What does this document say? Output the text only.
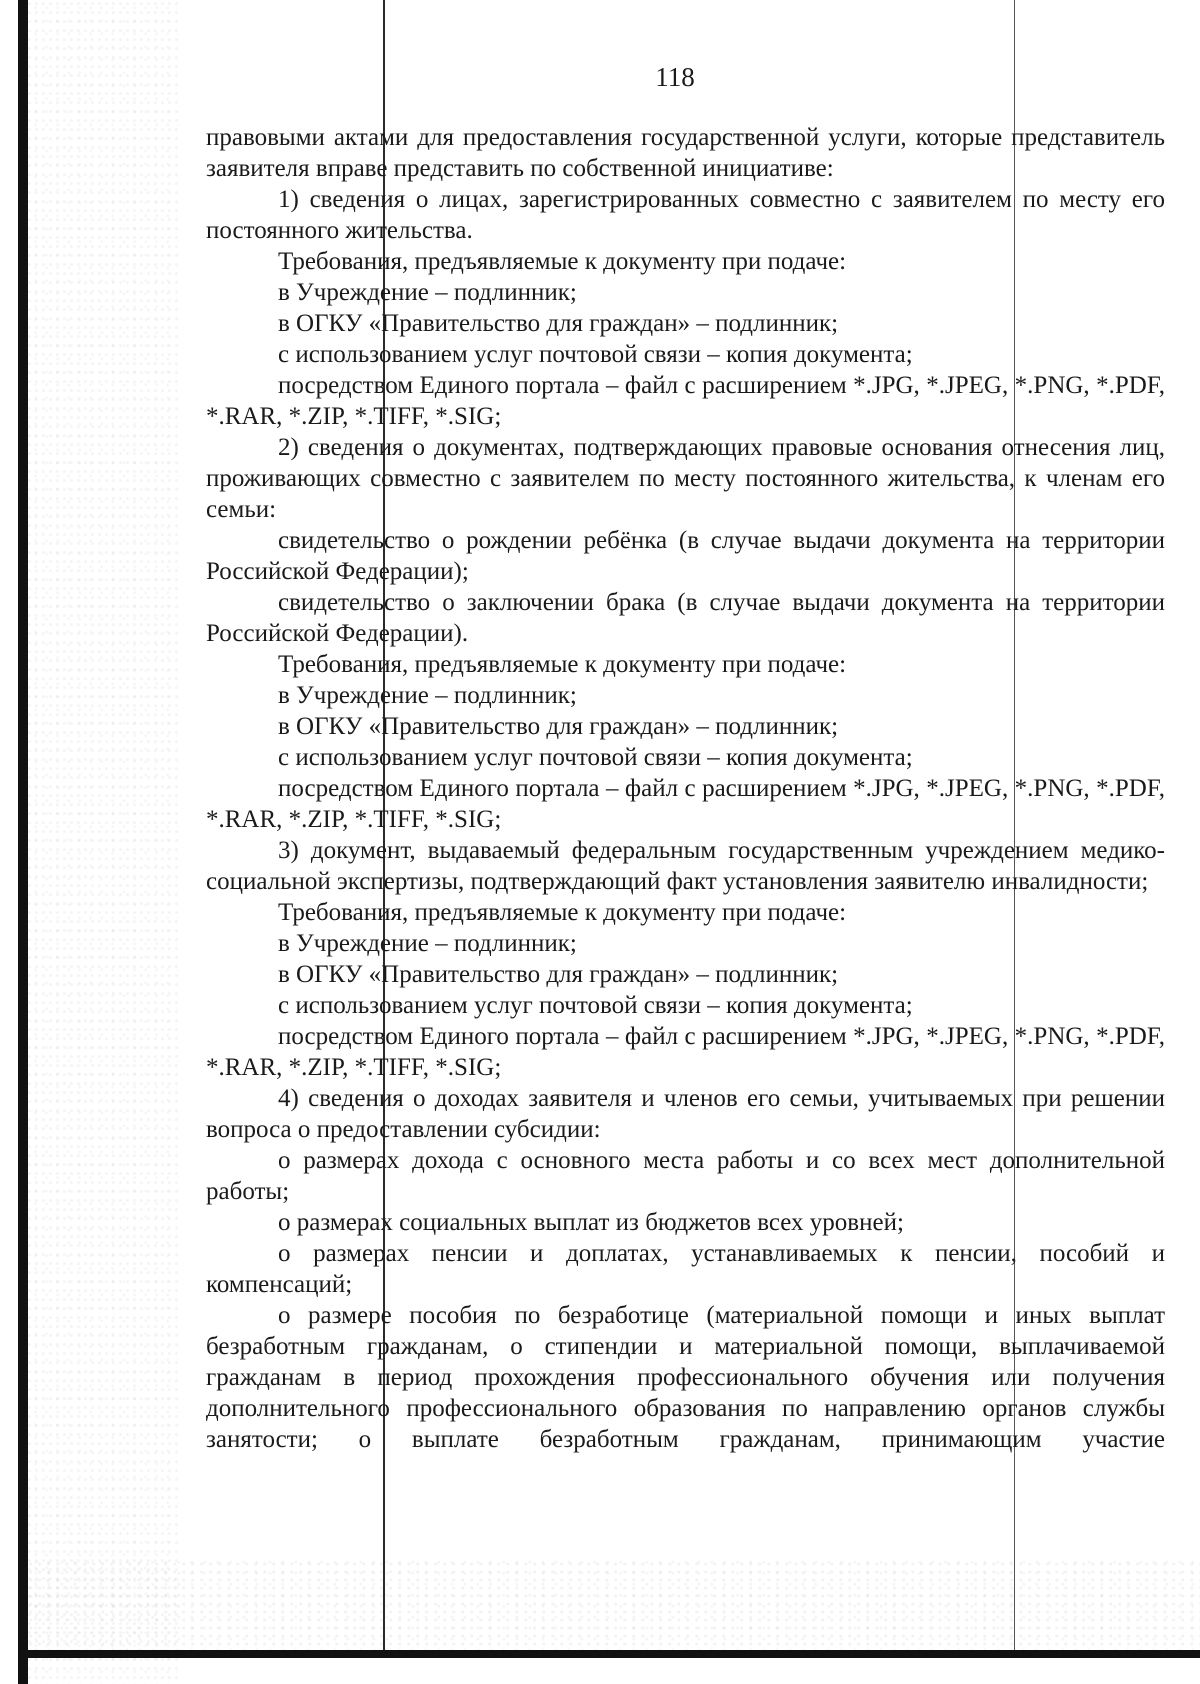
118

правовыми актами для предоставления государственной услуги, которые представитель заявителя вправе представить по собственной инициативе:

1) сведения о лицах, зарегистрированных совместно с заявителем по месту его постоянного жительства.

Требования, предъявляемые к документу при подаче:

в Учреждение – подлинник;

в ОГКУ «Правительство для граждан» – подлинник;

с использованием услуг почтовой связи – копия документа;

посредством Единого портала – файл с расширением *.JPG, *.JPEG, *.PNG, *.PDF, *.RAR, *.ZIP, *.TIFF, *.SIG;

2) сведения о документах, подтверждающих правовые основания отнесения лиц, проживающих совместно с заявителем по месту постоянного жительства, к членам его семьи:

свидетельство о рождении ребёнка (в случае выдачи документа на территории Российской Федерации);

свидетельство о заключении брака (в случае выдачи документа на территории Российской Федерации).

Требования, предъявляемые к документу при подаче:

в Учреждение – подлинник;

в ОГКУ «Правительство для граждан» – подлинник;

с использованием услуг почтовой связи – копия документа;

посредством Единого портала – файл с расширением *.JPG, *.JPEG, *.PNG, *.PDF, *.RAR, *.ZIP, *.TIFF, *.SIG;

3) документ, выдаваемый федеральным государственным учреждением медико-социальной экспертизы, подтверждающий факт установления заявителю инвалидности;

Требования, предъявляемые к документу при подаче:

в Учреждение – подлинник;

в ОГКУ «Правительство для граждан» – подлинник;

с использованием услуг почтовой связи – копия документа;

посредством Единого портала – файл с расширением *.JPG, *.JPEG, *.PNG, *.PDF, *.RAR, *.ZIP, *.TIFF, *.SIG;

4) сведения о доходах заявителя и членов его семьи, учитываемых при решении вопроса о предоставлении субсидии:

о размерах дохода с основного места работы и со всех мест дополнительной работы;

о размерах социальных выплат из бюджетов всех уровней;

о размерах пенсии и доплатах, устанавливаемых к пенсии, пособий и компенсаций;

о размере пособия по безработице (материальной помощи и иных выплат безработным гражданам, о стипендии и материальной помощи, выплачиваемой гражданам в период прохождения профессионального обучения или получения дополнительного профессионального образования по направлению органов службы занятости; о выплате безработным гражданам, принимающим участие
